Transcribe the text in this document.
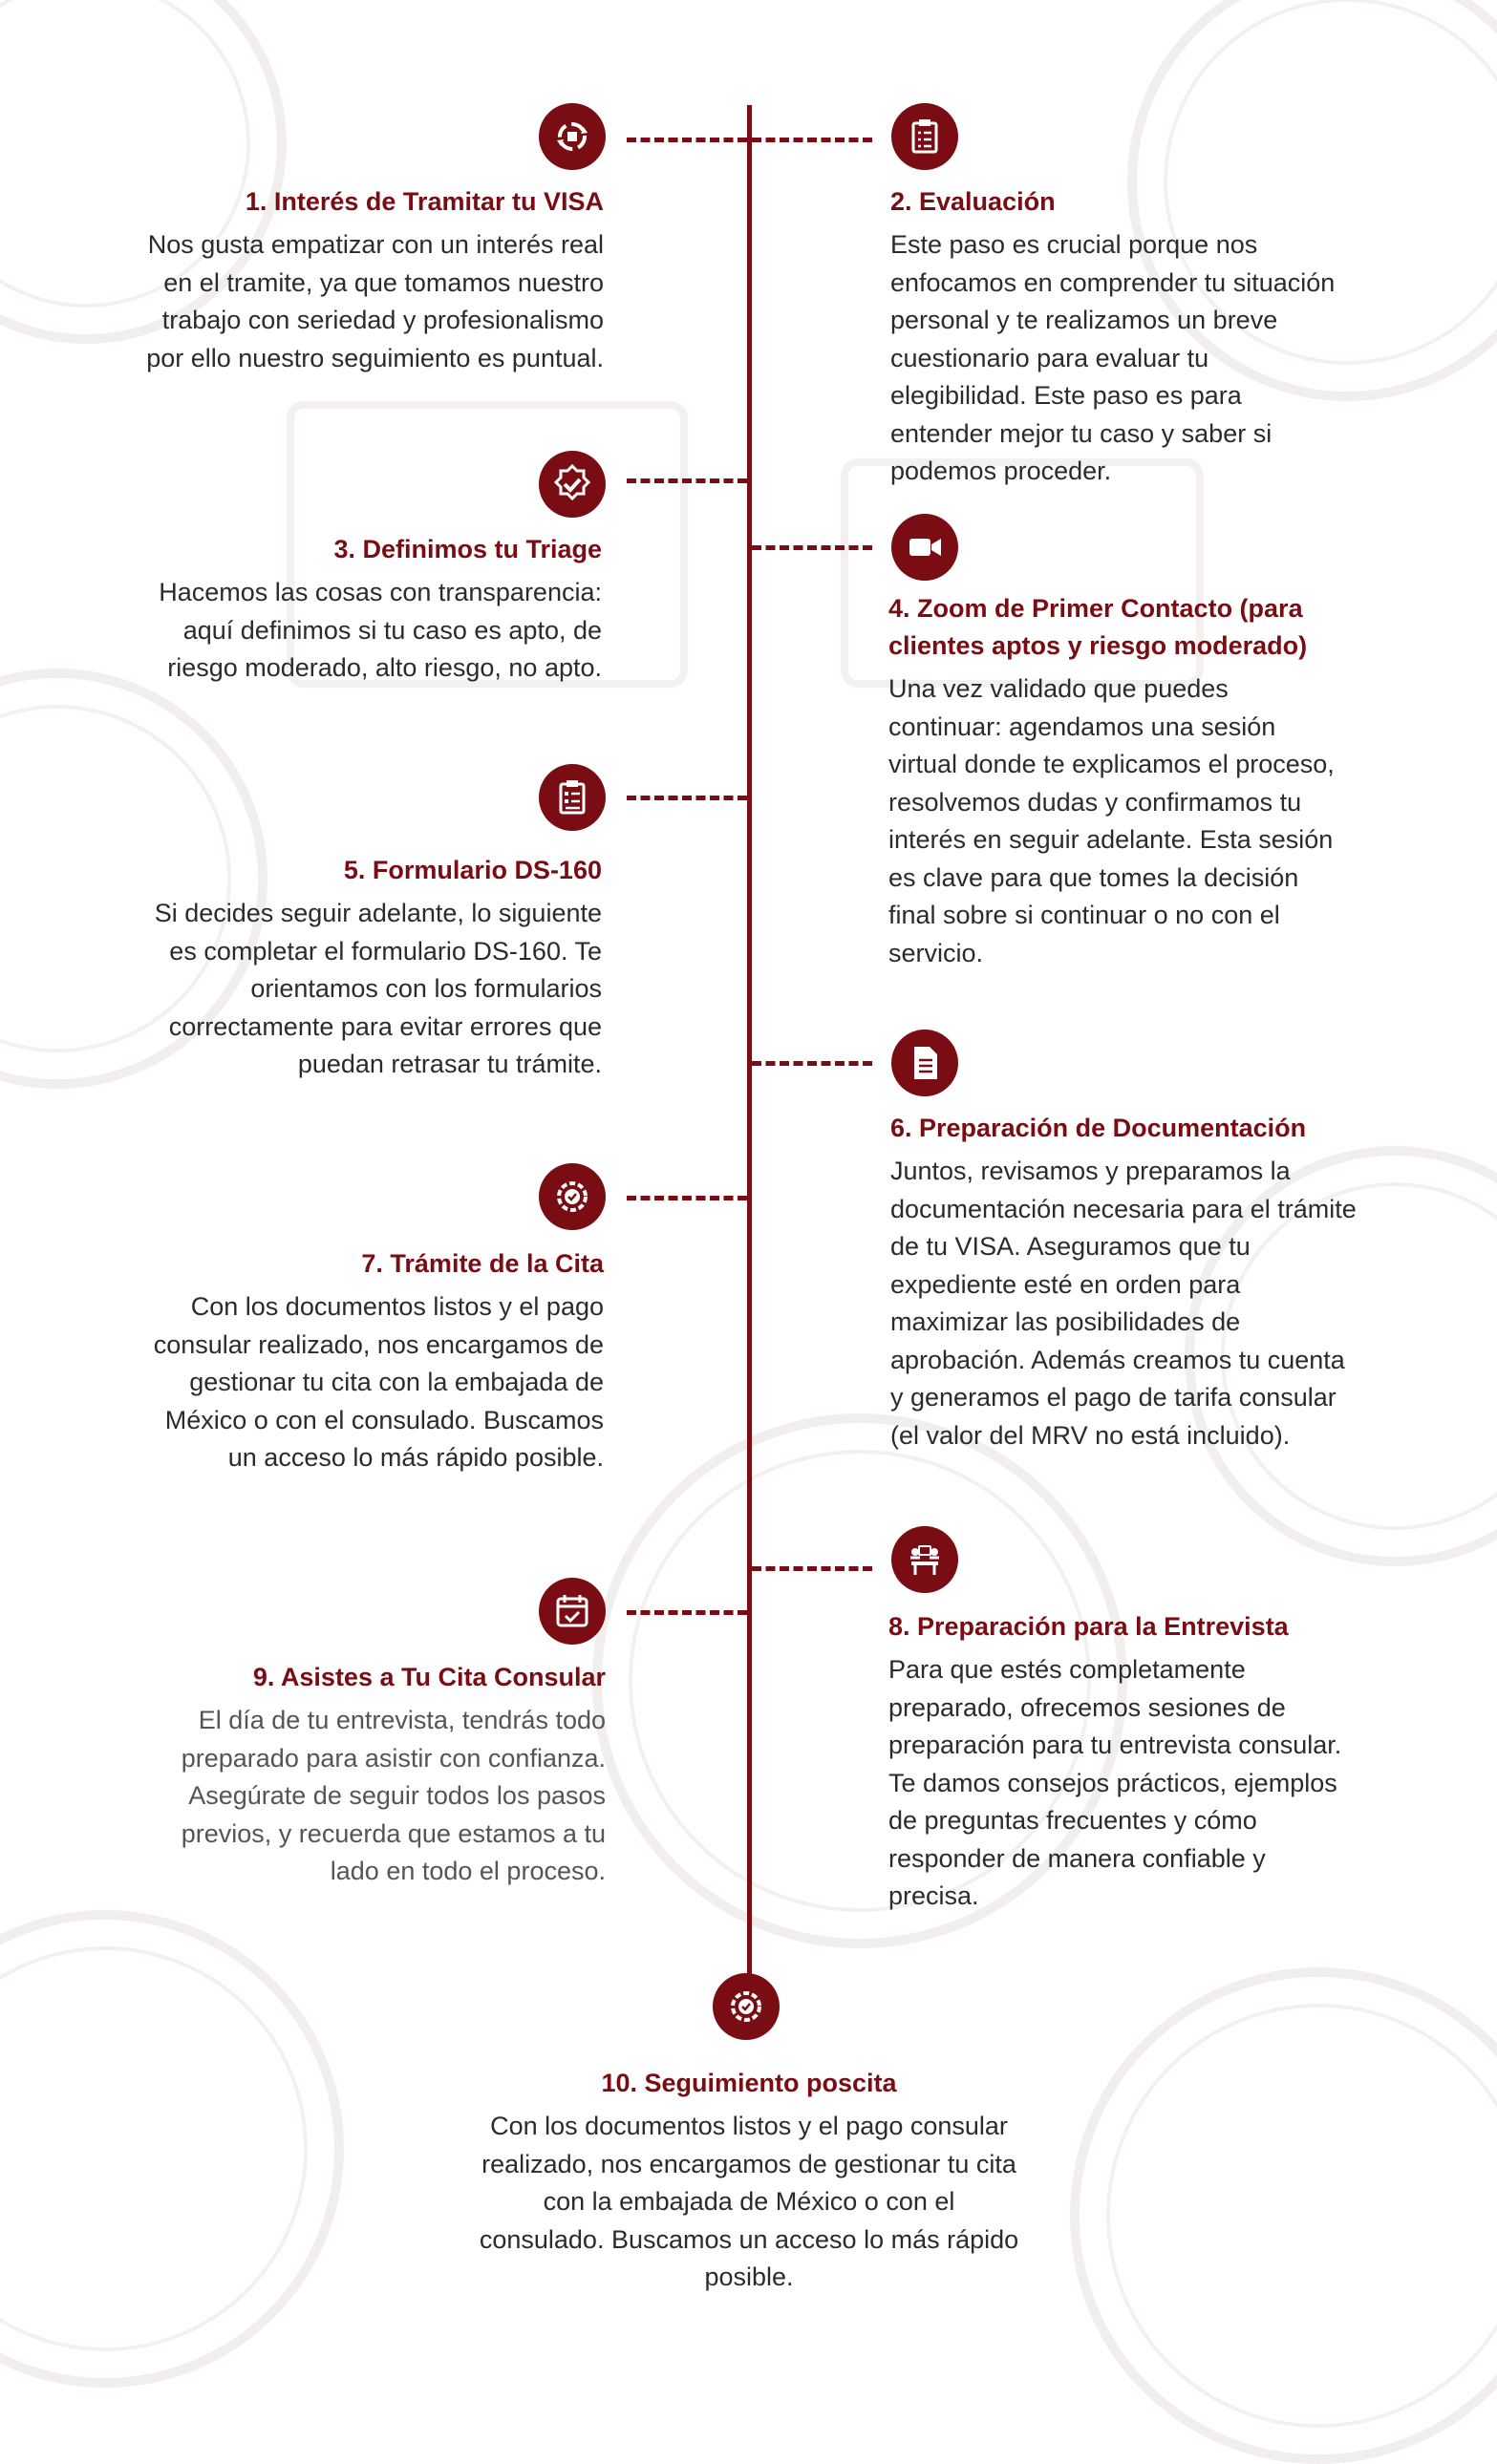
1. Interés de Tramitar tu VISA

Nos gusta empatizar con un interés real en el tramite, ya que tomamos nuestro trabajo con seriedad y profesionalismo por ello nuestro seguimiento es puntual.

2. Evaluación

Este paso es crucial porque nos enfocamos en comprender tu situación personal y te realizamos un breve cuestionario para evaluar tu elegibilidad. Este paso es para entender mejor tu caso y saber si podemos proceder.

3. Definimos tu Triage

Hacemos las cosas con transparencia: aquí definimos si tu caso es apto, de riesgo moderado, alto riesgo, no apto.

4. Zoom de Primer Contacto (para clientes aptos y riesgo moderado)

Una vez validado que puedes continuar: agendamos una sesión virtual donde te explicamos el proceso, resolvemos dudas y confirmamos tu interés en seguir adelante. Esta sesión es clave para que tomes la decisión final sobre si continuar o no con el servicio.

5. Formulario DS-160

Si decides seguir adelante, lo siguiente es completar el formulario DS-160. Te orientamos con los formularios correctamente para evitar errores que puedan retrasar tu trámite.

6. Preparación de Documentación

Juntos, revisamos y preparamos la documentación necesaria para el trámite de tu VISA. Aseguramos que tu expediente esté en orden para maximizar las posibilidades de aprobación. Además creamos tu cuenta y generamos el pago de tarifa consular (el valor del MRV no está incluido).

7. Trámite de la Cita

Con los documentos listos y el pago consular realizado, nos encargamos de gestionar tu cita con la embajada de México o con el consulado. Buscamos un acceso lo más rápido posible.

8. Preparación para la Entrevista

Para que estés completamente preparado, ofrecemos sesiones de preparación para tu entrevista consular. Te damos consejos prácticos, ejemplos de preguntas frecuentes y cómo responder de manera confiable y precisa.

9. Asistes a Tu Cita Consular

El día de tu entrevista, tendrás todo preparado para asistir con confianza. Asegúrate de seguir todos los pasos previos, y recuerda que estamos a tu lado en todo el proceso.

10. Seguimiento poscita

Con los documentos listos y el pago consular realizado, nos encargamos de gestionar tu cita con la embajada de México o con el consulado. Buscamos un acceso lo más rápido posible.
